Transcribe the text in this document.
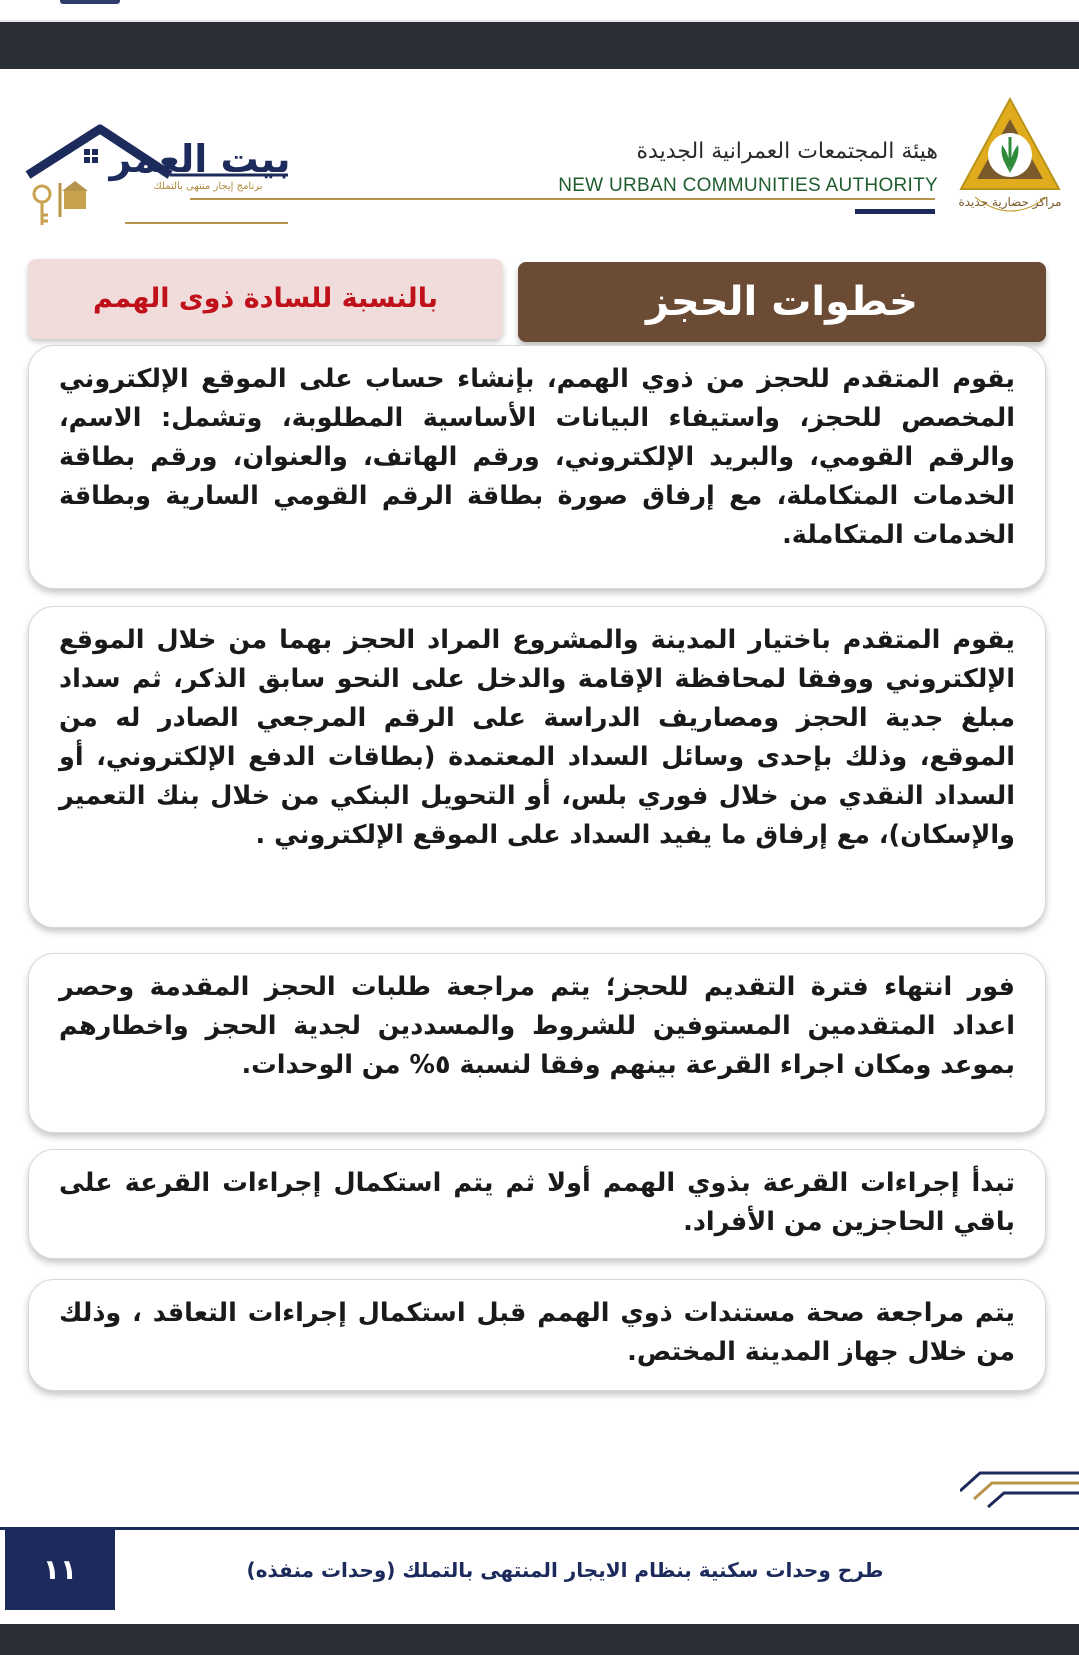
بيت العمر
برنامج إيجار منتهى بالتملك
هيئة المجتمعات العمرانية الجديدة
NEW URBAN COMMUNITIES AUTHORITY
مراكز حضارية جديدة
خطوات الحجز
بالنسبة للسادة ذوى الهمم

يقوم المتقدم للحجز من ذوي الهمم، بإنشاء حساب على الموقع الإلكتروني المخصص للحجز، واستيفاء البيانات الأساسية المطلوبة، وتشمل: الاسم، والرقم القومي، والبريد الإلكتروني، ورقم الهاتف، والعنوان، ورقم بطاقة الخدمات المتكاملة، مع إرفاق صورة بطاقة الرقم القومي السارية وبطاقة الخدمات المتكاملة.

يقوم المتقدم باختيار المدينة والمشروع المراد الحجز بهما من خلال الموقع الإلكتروني ووفقا لمحافظة الإقامة والدخل على النحو سابق الذكر، ثم سداد مبلغ جدية الحجز ومصاريف الدراسة على الرقم المرجعي الصادر له من الموقع، وذلك بإحدى وسائل السداد المعتمدة (بطاقات الدفع الإلكتروني، أو السداد النقدي من خلال فوري بلس، أو التحويل البنكي من خلال بنك التعمير والإسكان)، مع إرفاق ما يفيد السداد على الموقع الإلكتروني .

فور انتهاء فترة التقديم للحجز؛ يتم مراجعة طلبات الحجز المقدمة وحصر اعداد المتقدمين المستوفين للشروط والمسددين لجدية الحجز واخطارهم بموعد ومكان اجراء القرعة بينهم وفقا لنسبة ٥% من الوحدات.

تبدأ إجراءات القرعة بذوي الهمم أولا ثم يتم استكمال إجراءات القرعة على باقي الحاجزين من الأفراد.

يتم مراجعة صحة مستندات ذوي الهمم قبل استكمال إجراءات التعاقد ، وذلك من خلال جهاز المدينة المختص.

١١	طرح وحدات سكنية بنظام الايجار المنتهى بالتملك (وحدات منفذه)
